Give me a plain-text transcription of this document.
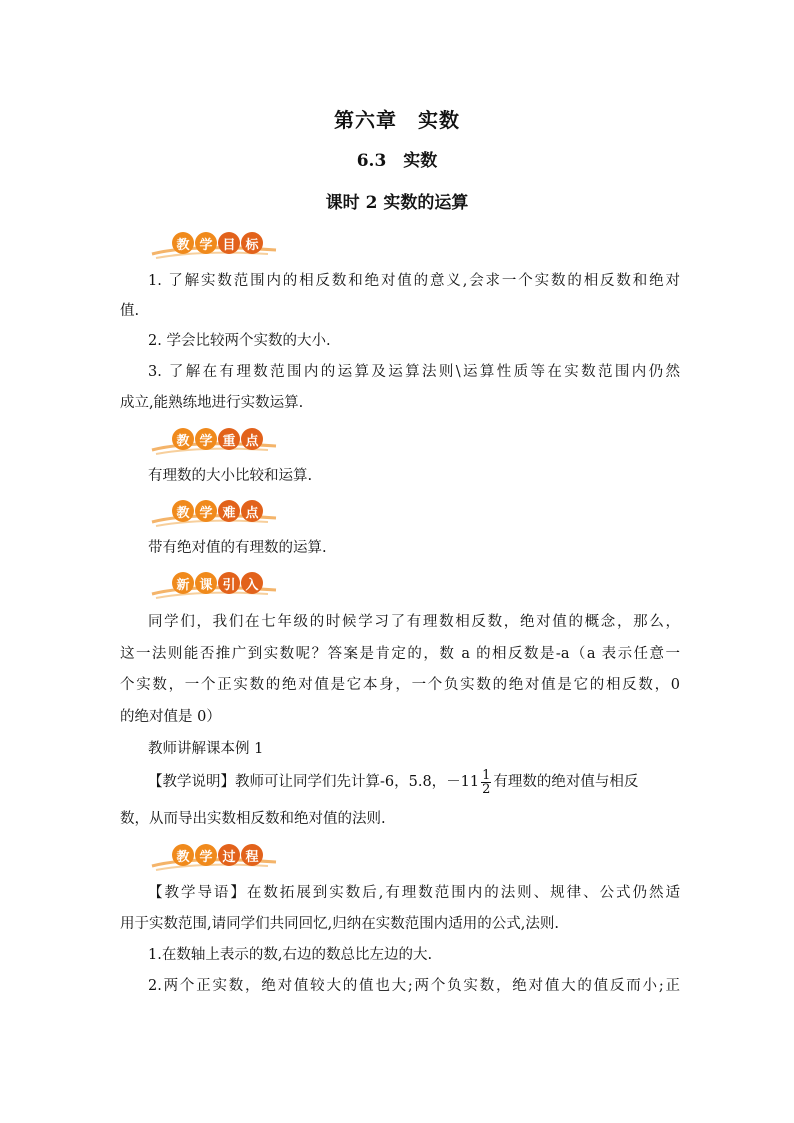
第六章　实数
6.3　实数
课时 2 实数的运算
教 学 目 标
1. 了解实数范围内的相反数和绝对值的意义,会求一个实数的相反数和绝对
值.
2. 学会比较两个实数的大小.
3. 了解在有理数范围内的运算及运算法则\运算性质等在实数范围内仍然
成立,能熟练地进行实数运算.
教 学 重 点
有理数的大小比较和运算.
教 学 难 点
带有绝对值的有理数的运算.
新 课 引 入
同学们，我们在七年级的时候学习了有理数相反数，绝对值的概念，那么，
这一法则能否推广到实数呢？答案是肯定的，数 a 的相反数是-a（a 表示任意一
个实数，一个正实数的绝对值是它本身，一个负实数的绝对值是它的相反数，0
的绝对值是 0）
教师讲解课本例 1
【教学说明】教师可让同学们先计算-6，5.8，$-11 \frac{1}{2}$ 有理数的绝对值与相反
数，从而导出实数相反数和绝对值的法则.
教 学 过 程
【教学导语】在数拓展到实数后,有理数范围内的法则、规律、公式仍然适
用于实数范围,请同学们共同回忆,归纳在实数范围内适用的公式,法则.
1.在数轴上表示的数,右边的数总比左边的大.
2.两个正实数，绝对值较大的值也大;两个负实数，绝对值大的值反而小;正
